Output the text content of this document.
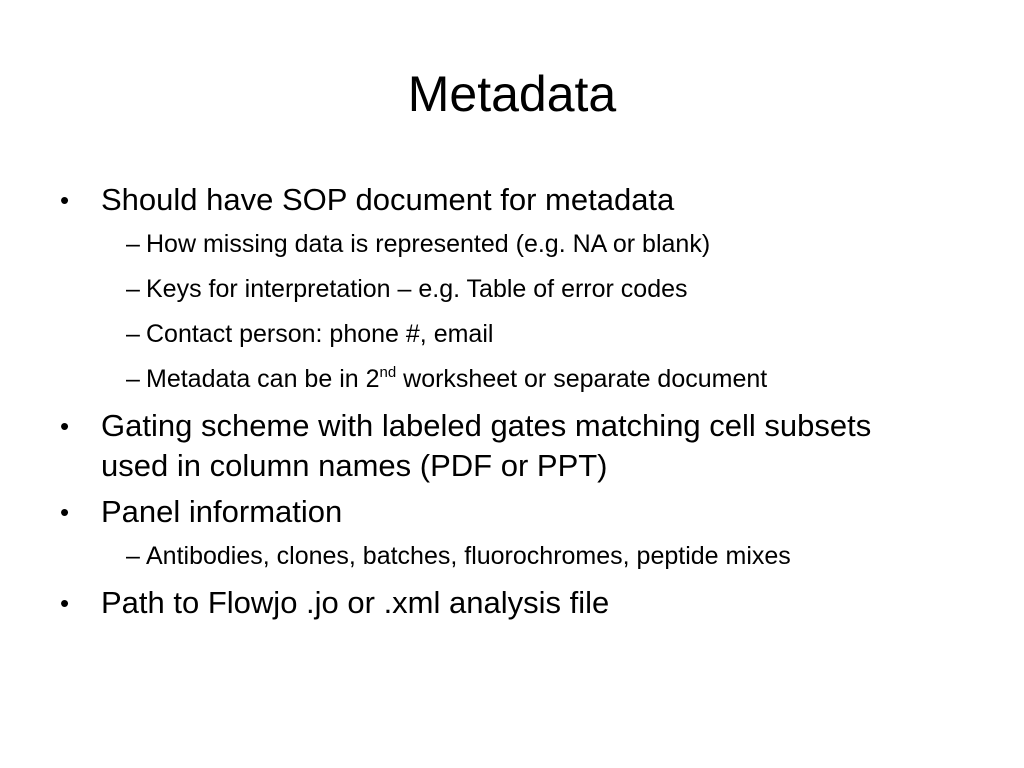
Metadata
• Should have SOP document for metadata
– How missing data is represented (e.g. NA or blank)
– Keys for interpretation – e.g. Table of error codes
– Contact person: phone #, email
– Metadata can be in 2nd worksheet or separate document
• Gating scheme with labeled gates matching cell subsets
used in column names (PDF or PPT)
• Panel information
– Antibodies, clones, batches, fluorochromes, peptide mixes
• Path to Flowjo .jo or .xml analysis file
